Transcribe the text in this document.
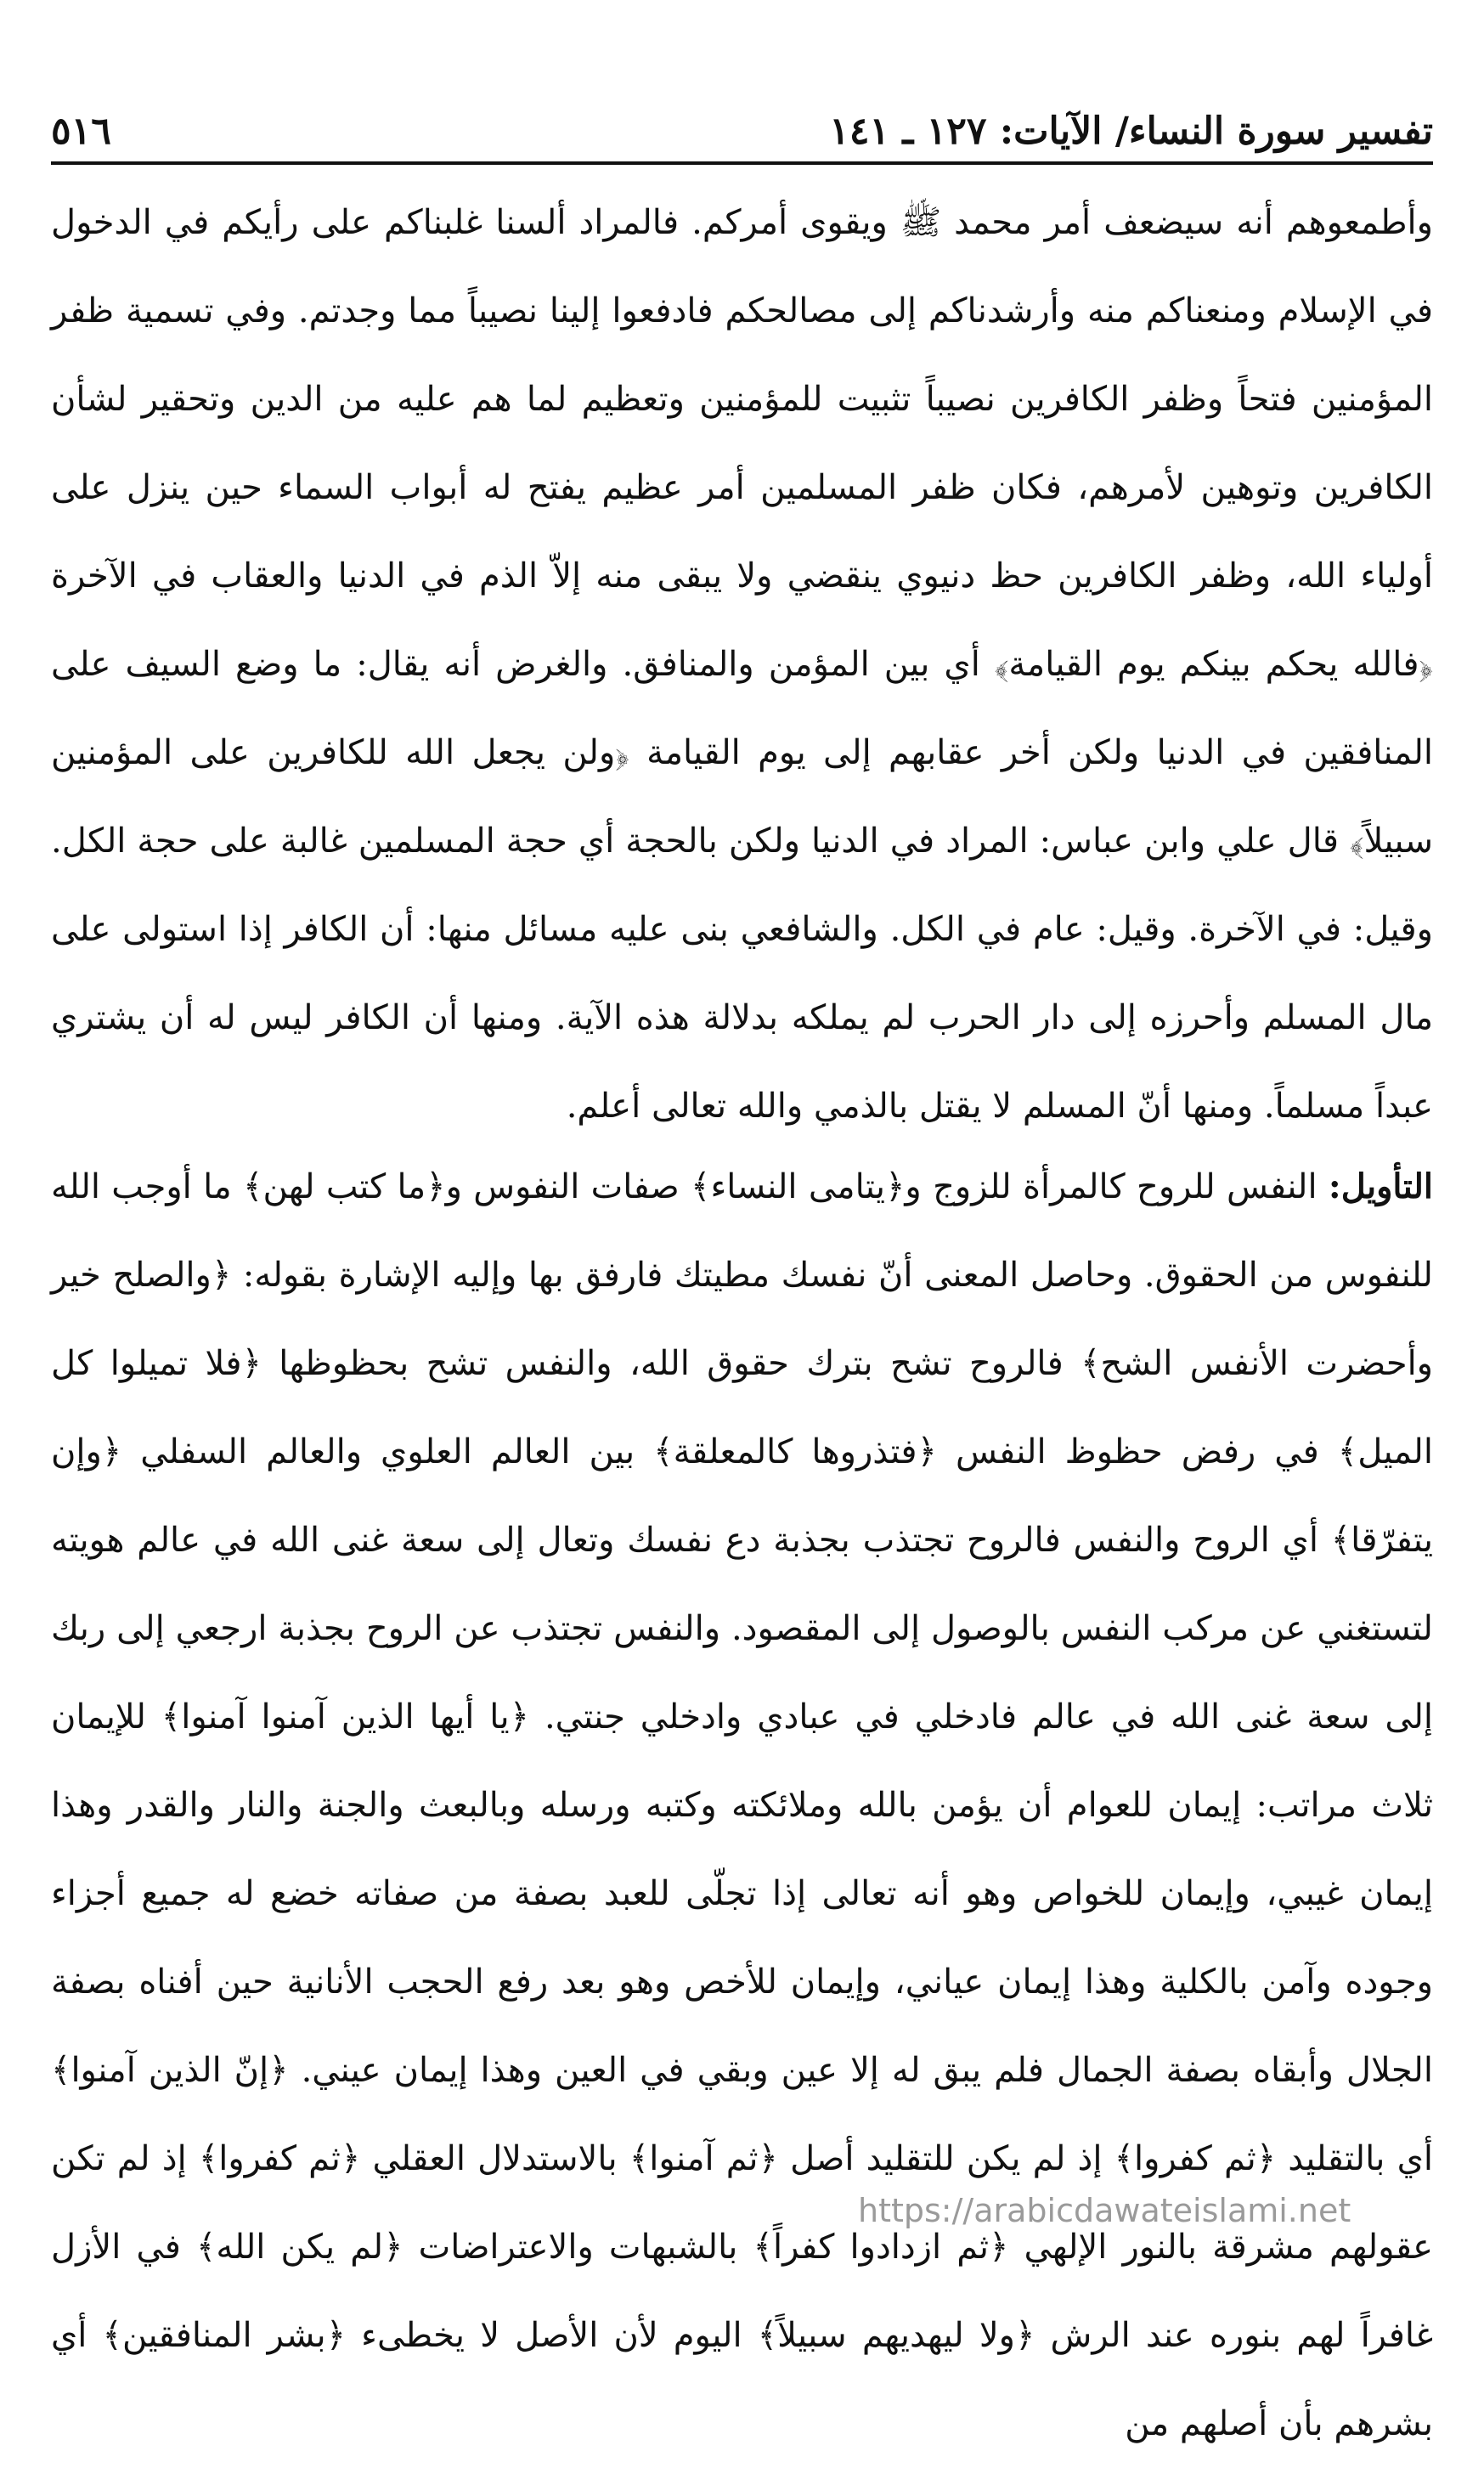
تفسير سورة النساء/ الآيات: ١٢٧ ـ ١٤١
٥١٦

وأطمعوهم أنه سيضعف أمر محمد ﷺ ويقوى أمركم. فالمراد ألسنا غلبناكم على رأيكم في الدخول في الإسلام ومنعناكم منه وأرشدناكم إلى مصالحكم فادفعوا إلينا نصيباً مما وجدتم. وفي تسمية ظفر المؤمنين فتحاً وظفر الكافرين نصيباً تثبيت للمؤمنين وتعظيم لما هم عليه من الدين وتحقير لشأن الكافرين وتوهين لأمرهم، فكان ظفر المسلمين أمر عظيم يفتح له أبواب السماء حين ينزل على أولياء الله، وظفر الكافرين حظ دنيوي ينقضي ولا يبقى منه إلاّ الذم في الدنيا والعقاب في الآخرة ﴿فالله يحكم بينكم يوم القيامة﴾ أي بين المؤمن والمنافق. والغرض أنه يقال: ما وضع السيف على المنافقين في الدنيا ولكن أخر عقابهم إلى يوم القيامة ﴿ولن يجعل الله للكافرين على المؤمنين سبيلاً﴾ قال علي وابن عباس: المراد في الدنيا ولكن بالحجة أي حجة المسلمين غالبة على حجة الكل. وقيل: في الآخرة. وقيل: عام في الكل. والشافعي بنى عليه مسائل منها: أن الكافر إذا استولى على مال المسلم وأحرزه إلى دار الحرب لم يملكه بدلالة هذه الآية. ومنها أن الكافر ليس له أن يشتري عبداً مسلماً. ومنها أنّ المسلم لا يقتل بالذمي والله تعالى أعلم.

التأويل: النفس للروح كالمرأة للزوج و﴿يتامى النساء﴾ صفات النفوس و﴿ما كتب لهن﴾ ما أوجب الله للنفوس من الحقوق. وحاصل المعنى أنّ نفسك مطيتك فارفق بها وإليه الإشارة بقوله: ﴿والصلح خير وأحضرت الأنفس الشح﴾ فالروح تشح بترك حقوق الله، والنفس تشح بحظوظها ﴿فلا تميلوا كل الميل﴾ في رفض حظوظ النفس ﴿فتذروها كالمعلقة﴾ بين العالم العلوي والعالم السفلي ﴿وإن يتفرّقا﴾ أي الروح والنفس فالروح تجتذب بجذبة دع نفسك وتعال إلى سعة غنى الله في عالم هويته لتستغني عن مركب النفس بالوصول إلى المقصود. والنفس تجتذب عن الروح بجذبة ارجعي إلى ربك إلى سعة غنى الله في عالم فادخلي في عبادي وادخلي جنتي. ﴿يا أيها الذين آمنوا آمنوا﴾ للإيمان ثلاث مراتب: إيمان للعوام أن يؤمن بالله وملائكته وكتبه ورسله وبالبعث والجنة والنار والقدر وهذا إيمان غيبي، وإيمان للخواص وهو أنه تعالى إذا تجلّى للعبد بصفة من صفاته خضع له جميع أجزاء وجوده وآمن بالكلية وهذا إيمان عياني، وإيمان للأخص وهو بعد رفع الحجب الأنانية حين أفناه بصفة الجلال وأبقاه بصفة الجمال فلم يبق له إلا عين وبقي في العين وهذا إيمان عيني. ﴿إنّ الذين آمنوا﴾ أي بالتقليد ﴿ثم كفروا﴾ إذ لم يكن للتقليد أصل ﴿ثم آمنوا﴾ بالاستدلال العقلي ﴿ثم كفروا﴾ إذ لم تكن عقولهم مشرقة بالنور الإلهي ﴿ثم ازدادوا كفراً﴾ بالشبهات والاعتراضات ﴿لم يكن الله﴾ في الأزل غافراً لهم بنوره عند الرش ﴿ولا ليهديهم سبيلاً﴾ اليوم لأن الأصل لا يخطىء ﴿بشر المنافقين﴾ أي بشرهم بأن أصلهم من

https://arabicdawateislami.net
